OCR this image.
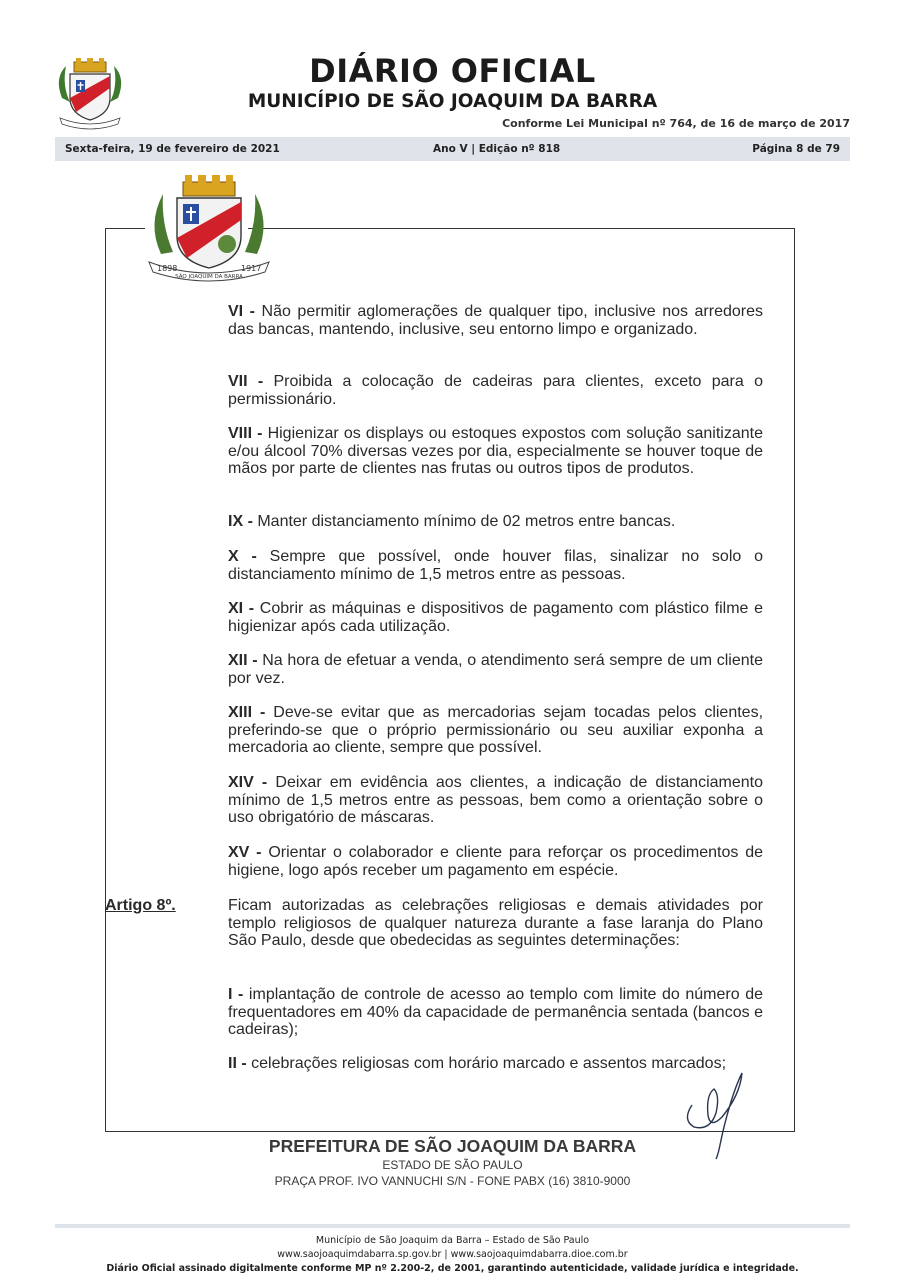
DIÁRIO OFICIAL
MUNICÍPIO DE SÃO JOAQUIM DA BARRA
Conforme Lei Municipal nº 764, de 16 de março de 2017
Sexta-feira, 19 de fevereiro de 2021	Ano V | Edição nº 818	Página 8 de 79
1898	1917
SÃO JOAQUIM DA BARRA
VI - Não permitir aglomerações de qualquer tipo, inclusive nos arredores das bancas, mantendo, inclusive, seu entorno limpo e organizado.
VII - Proibida a colocação de cadeiras para clientes, exceto para o permissionário.
VIII - Higienizar os displays ou estoques expostos com solução sanitizante e/ou álcool 70% diversas vezes por dia, especialmente se houver toque de mãos por parte de clientes nas frutas ou outros tipos de produtos.
IX - Manter distanciamento mínimo de 02 metros entre bancas.
X - Sempre que possível, onde houver filas, sinalizar no solo o distanciamento mínimo de 1,5 metros entre as pessoas.
XI - Cobrir as máquinas e dispositivos de pagamento com plástico filme e higienizar após cada utilização.
XII - Na hora de efetuar a venda, o atendimento será sempre de um cliente por vez.
XIII - Deve-se evitar que as mercadorias sejam tocadas pelos clientes, preferindo-se que o próprio permissionário ou seu auxiliar exponha a mercadoria ao cliente, sempre que possível.
XIV - Deixar em evidência aos clientes, a indicação de distanciamento mínimo de 1,5 metros entre as pessoas, bem como a orientação sobre o uso obrigatório de máscaras.
XV - Orientar o colaborador e cliente para reforçar os procedimentos de higiene, logo após receber um pagamento em espécie.
Artigo 8º.	Ficam autorizadas as celebrações religiosas e demais atividades por templo religiosos de qualquer natureza durante a fase laranja do Plano São Paulo, desde que obedecidas as seguintes determinações:
I - implantação de controle de acesso ao templo com limite do número de frequentadores em 40% da capacidade de permanência sentada (bancos e cadeiras);
II - celebrações religiosas com horário marcado e assentos marcados;
PREFEITURA DE SÃO JOAQUIM DA BARRA
ESTADO DE SÃO PAULO
PRAÇA PROF. IVO VANNUCHI S/N - FONE PABX (16) 3810-9000
Município de São Joaquim da Barra – Estado de São Paulo
www.saojoaquimdabarra.sp.gov.br | www.saojoaquimdabarra.dioe.com.br
Diário Oficial assinado digitalmente conforme MP nº 2.200-2, de 2001, garantindo autenticidade, validade jurídica e integridade.
